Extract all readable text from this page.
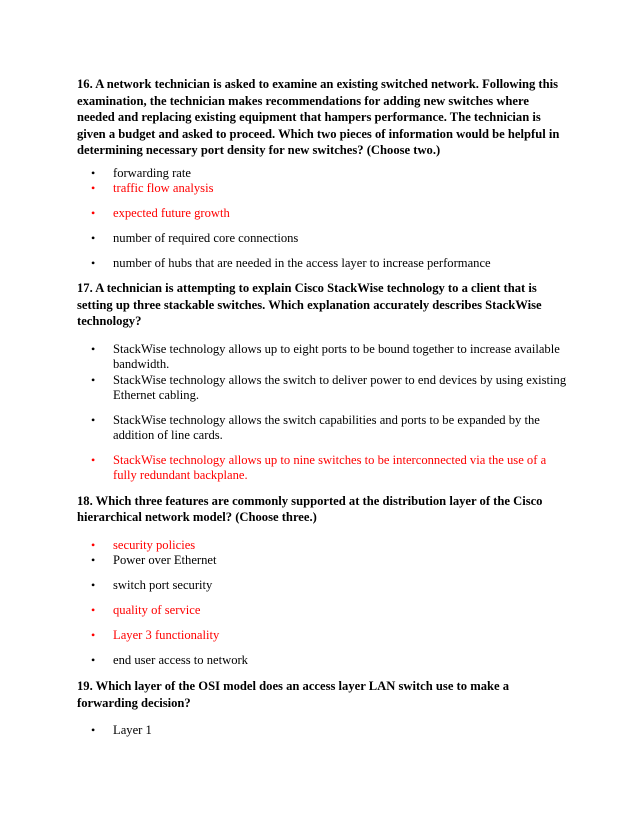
16. A network technician is asked to examine an existing switched network. Following this examination, the technician makes recommendations for adding new switches where needed and replacing existing equipment that hampers performance. The technician is given a budget and asked to proceed. Which two pieces of information would be helpful in determining necessary port density for new switches? (Choose two.)

• forwarding rate
• traffic flow analysis
• expected future growth
• number of required core connections
• number of hubs that are needed in the access layer to increase performance

17. A technician is attempting to explain Cisco StackWise technology to a client that is setting up three stackable switches. Which explanation accurately describes StackWise technology?

• StackWise technology allows up to eight ports to be bound together to increase available bandwidth.
• StackWise technology allows the switch to deliver power to end devices by using existing Ethernet cabling.
• StackWise technology allows the switch capabilities and ports to be expanded by the addition of line cards.
• StackWise technology allows up to nine switches to be interconnected via the use of a fully redundant backplane.

18. Which three features are commonly supported at the distribution layer of the Cisco hierarchical network model? (Choose three.)

• security policies
• Power over Ethernet
• switch port security
• quality of service
• Layer 3 functionality
• end user access to network

19. Which layer of the OSI model does an access layer LAN switch use to make a forwarding decision?

• Layer 1
